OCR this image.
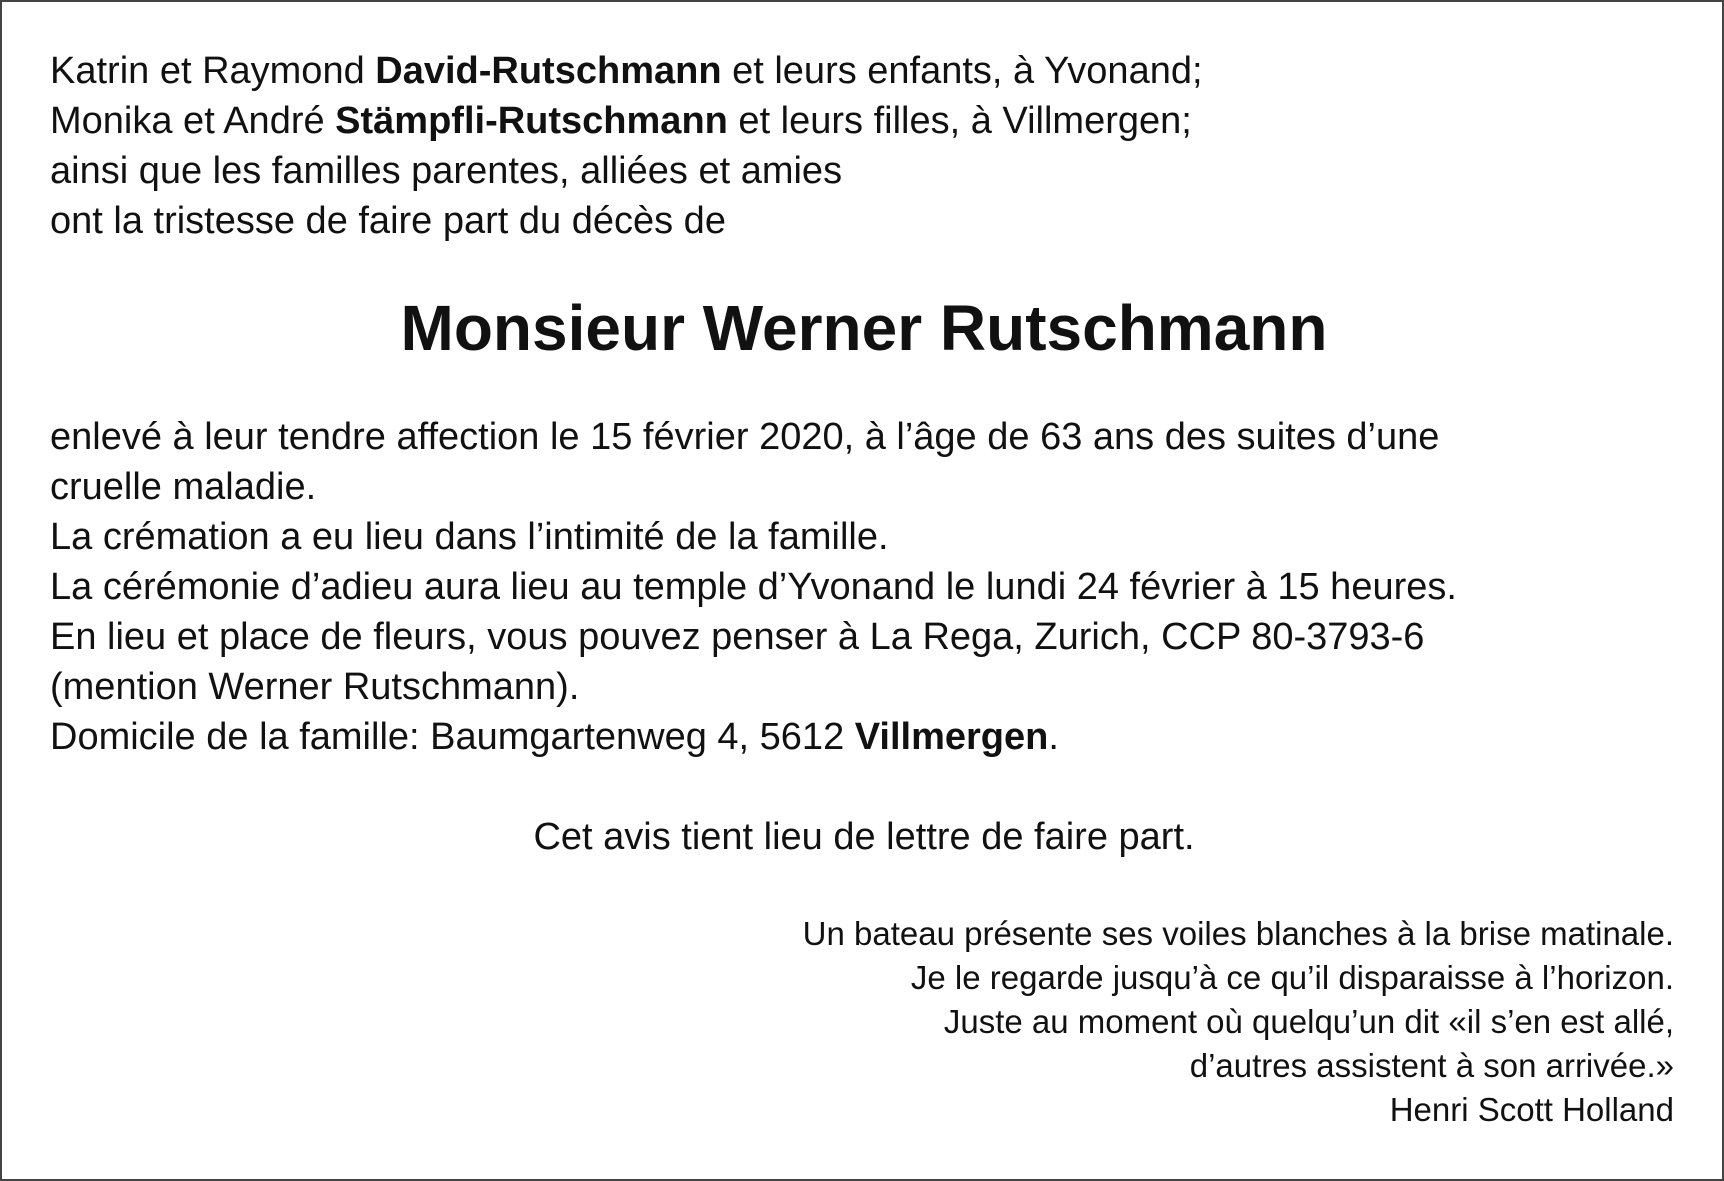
Katrin et Raymond David-Rutschmann et leurs enfants, à Yvonand;
Monika et André Stämpfli-Rutschmann et leurs filles, à Villmergen;
ainsi que les familles parentes, alliées et amies
ont la tristesse de faire part du décès de
Monsieur Werner Rutschmann
enlevé à leur tendre affection le 15 février 2020, à l’âge de 63 ans des suites d’une
cruelle maladie.
La crémation a eu lieu dans l’intimité de la famille.
La cérémonie d’adieu aura lieu au temple d’Yvonand le lundi 24 février à 15 heures.
En lieu et place de fleurs, vous pouvez penser à La Rega, Zurich, CCP 80-3793-6
(mention Werner Rutschmann).
Domicile de la famille: Baumgartenweg 4, 5612 Villmergen.
Cet avis tient lieu de lettre de faire part.
Un bateau présente ses voiles blanches à la brise matinale.
Je le regarde jusqu’à ce qu’il disparaisse à l’horizon.
Juste au moment où quelqu’un dit «il s’en est allé,
d’autres assistent à son arrivée.»
Henri Scott Holland
